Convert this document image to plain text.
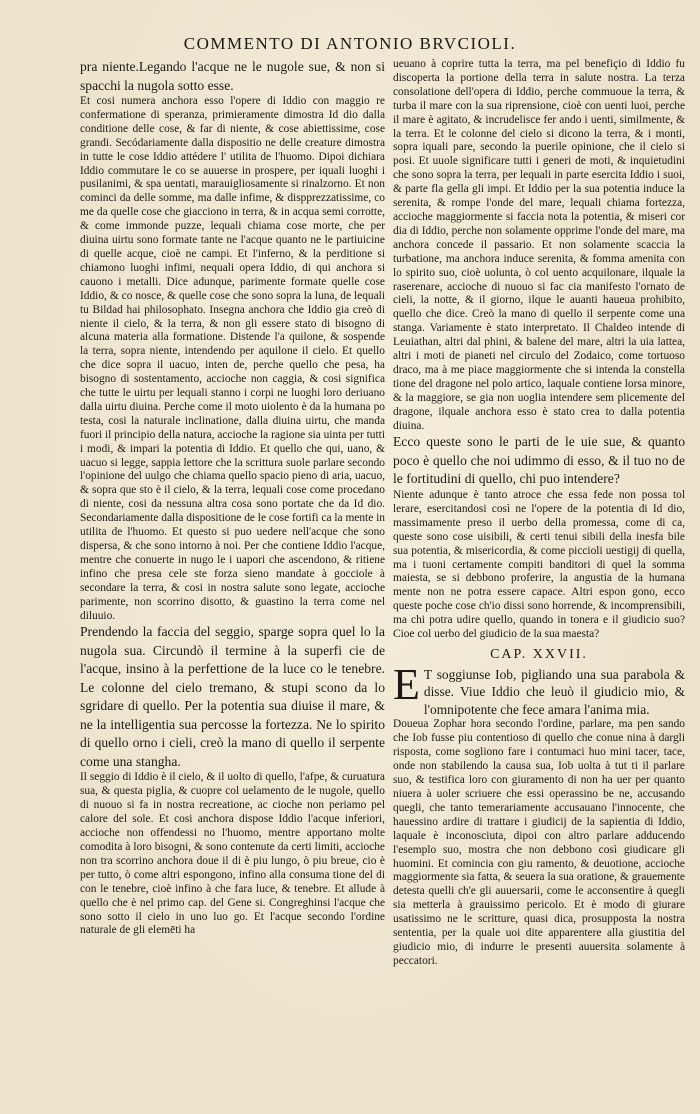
COMMENTO DI ANTONIO BRVCIOLI.

pra niente.Legando l'acque ne le nugole sue, & non si spacchi la nugola sotto esse.

Et cosi numera anchora esso l'opere di Iddio con maggio re confermatione di speranza, primieramente dimostra Id dio dalla conditione delle cose, & far di niente, & cose abiettissime, cose grandi. Secódariamente dalla dispositio ne delle creature dimostra in tutte le cose Iddio attédere l' utilita de l'huomo. Dipoi dichiara Iddio commutare le co se auuerse in prospere, per iquali luoghi i pusilanimi, & spa uentati, marauigliosamente si rinalzorno. Et non cominci da delle somme, ma dalle infime, & dispprezzatissime, co me da quelle cose che giacciono in terra, & in acqua semi corrotte, & come immonde puzze, lequali chiama cose morte, che per diuina uirtu sono formate tante ne l'acque quanto ne le partiuicine di quelle acque, cioè ne campi. Et l'inferno, & la perditione si chiamono luoghi infimi, nequali opera Iddio, di qui anchora si cauono i metalli. Dice adunque, parimente formate quelle cose Iddio, & co nosce, & quelle cose che sono sopra la luna, de lequali tu Bildad hai philosophato. Insegna anchora che Iddio gia creò di niente il cielo, & la terra, & non gli essere stato di bisogno di alcuna materia alla formatione. Distende l'a quilone, & sospende la terra, sopra niente, intendendo per aquilone il cielo. Et quello che dice sopra il uacuo, inten de, perche quello che pesa, ha bisogno di sostentamento, accioche non caggia, & cosi significa che tutte le uirtu per lequali stanno i corpi ne luoghi loro deriuano dalla uirtu diuina. Perche come il moto uiolento è da la humana po testa, cosi la naturale inclinatione, dalla diuina uirtu, che manda fuori il principio della natura, accioche la ragione sia uinta per tutti i modi, & impari la potentia di Iddio. Et quello che qui, uano, & uacuo si legge, sappia lettore che la scrittura suole parlare secondo l'opinione del uulgo che chiama quello spacio pieno di aria, uacuo, & sopra que sto è il cielo, & la terra, lequali cose come procedano di niente, cosi da nessuna altra cosa sono portate che da Id dio. Secondariamente dalla dispositione de le cose fortifi ca la mente in utilita de l'huomo. Et questo si puo uedere nell'acque che sono dispersa, & che sono intorno à noi. Per che contiene Iddio l'acque, mentre che conuerte in nugo le i uapori che ascendono, & ritiene infino che presa cele ste forza sieno mandate à gocciole à secondare la terra, & cosi in nostra salute sono legate, accioche parimente, non scorrino disotto, & guastino la terra come nel diluuio.

Prendendo la faccia del seggio, sparge sopra quel lo la nugola sua. Circundò il termine à la superfi cie de l'acque, insino à la perfettione de la luce co le tenebre. Le colonne del cielo tremano, & stupi scono da lo sgridare di quello. Per la potentia sua diuise il mare, & ne la intelligentia sua percosse la fortezza. Ne lo spirito di quello orno i cieli, creò la mano di quello il serpente come una stangha.

Il seggio di Iddio è il cielo, & il uolto di quello, l'afpe, & curuatura sua, & questa piglia, & cuopre col uelamento de le nugole, quello di nuouo si fa in nostra recreatione, ac cioche non periamo pel calore del sole. Et cosi anchora dispose Iddio l'acque inferiori, accioche non offendessi no l'huomo, mentre apportano molte comodita à loro bisogni, & sono contenute da certi limiti, accioche non tra scorrino anchora doue il di è piu lungo, ò piu breue, cio è per tutto, ò come altri espongono, infino alla consuma tione del di con le tenebre, cioè infino à che fara luce, & tenebre. Et allude à quello che è nel primo cap. del Gene si. Congreghinsi l'acque che sono sotto il cielo in uno luo go. Et l'acque secondo l'ordine naturale de gli elemēti ha

ueuano à coprire tutta la terra, ma pel benefiçio di Iddio fu discoperta la portione della terra in salute nostra. La terza consolatione dell'opera di Iddio, perche commuoue la terra, & turba il mare con la sua riprensione, cioè con uenti luoi, perche il mare è agitato, & incrudelisce fer ando i uenti, similmente, & la terra. Et le colonne del cielo si dicono la terra, & i monti, sopra iquali pare, secondo la puerile opinione, che il cielo si posi. Et uuole significare tutti i generi de moti, & inquietudini che sono sopra la terra, per lequali in parte esercita Iddio i suoi, & parte fla gella gli impi. Et Iddio per la sua potentia induce la serenita, & rompe l'onde del mare, lequali chiama fortezza, accioche maggiormente si faccia nota la potentia, & miseri cor dia di Iddio, perche non solamente opprime l'onde del mare, ma anchora concede il passario. Et non solamente scaccia la turbatione, ma anchora induce serenita, & fomma amenita con lo spirito suo, cioè uolunta, ò col uento acquilonare, ilquale la raserenare, accioche di nuouo si fac cia manifesto l'ornato de cieli, la notte, & il giorno, ilque le auanti haueua prohibito, quello che dice. Creò la mano di quello il serpente come una stanga. Variamente è stato interpretato. Il Chaldeo intende di Leuiathan, altri dal phini, & balene del mare, altri la uia lattea, altri i moti de pianeti nel circulo del Zodaico, come tortuoso draco, ma à me piace maggiormente che si intenda la constella tione del dragone nel polo artico, laquale contiene lorsa minore, & la maggiore, se gia non uoglia intendere sem plicemente del dragone, ilquale anchora esso è stato crea to dalla potentia diuina.

Ecco queste sono le parti de le uie sue, & quanto poco è quello che noi udimmo di esso, & il tuo no de le fortitudini di quello, chi puo intendere?

Niente adunque è tanto atroce che essa fede non possa tol lerare, esercitandosi così ne l'opere de la potentia di Id dio, massimamente preso il uerbo della promessa, come di ca, queste sono cose uisibili, & certi tenui sibili della inesfa bile sua potentia, & misericordia, & come piccioli uestigij di quella, ma i tuoni certamente compiti banditori di quel la somma maiesta, se si debbono proferire, la angustia de la humana mente non ne potra essere capace. Altri espon gono, ecco queste poche cose ch'io dissi sono horrende, & incomprensibili, ma chi potra udire quello, quando in tonera e il giudicio suo? Cioe col uerbo del giudicio de la sua maesta?

CAP. XXVII.

E T soggiunse Iob, pigliando una sua parabola & disse. Viue Iddio che leuò il giudicio mio, & l'omnipotente che fece amara l'anima mia.

Doueua Zophar hora secondo l'ordine, parlare, ma pen sando che Iob fusse piu contentioso di quello che conue nina à dargli risposta, come sogliono fare i contumaci huo mini tacer, tace, onde non stabilendo la causa sua, Iob uolta à tut ti il parlare suo, & testifica loro con giuramento di non ha uer per quanto niuera à uoler scriuere che essi operassino be ne, accusando quegli, che tanto temerariamente accusauano l'innocente, che hauessino ardire di trattare i giudicij de la sapientia di Iddio, laquale è inconosciuta, dipoi con altro parlare adducendo l'esemplo suo, mostra che non debbono così giudicare gli huomini. Et comincia con giu ramento, & deuotione, accioche maggiormente sia fatta, & seuera la sua oratione, & grauemente detesta quelli ch'e gli auuersarii, come le acconsentire à quegli sia metterla à grauissimo pericolo. Et è modo di giurare usatissimo ne le scritture, quasi dica, prosupposta la nostra sententia, per la quale uoi dite apparentere alla giustitia del giudicio mio, di indurre le presenti auuersita solamente à peccatori.
